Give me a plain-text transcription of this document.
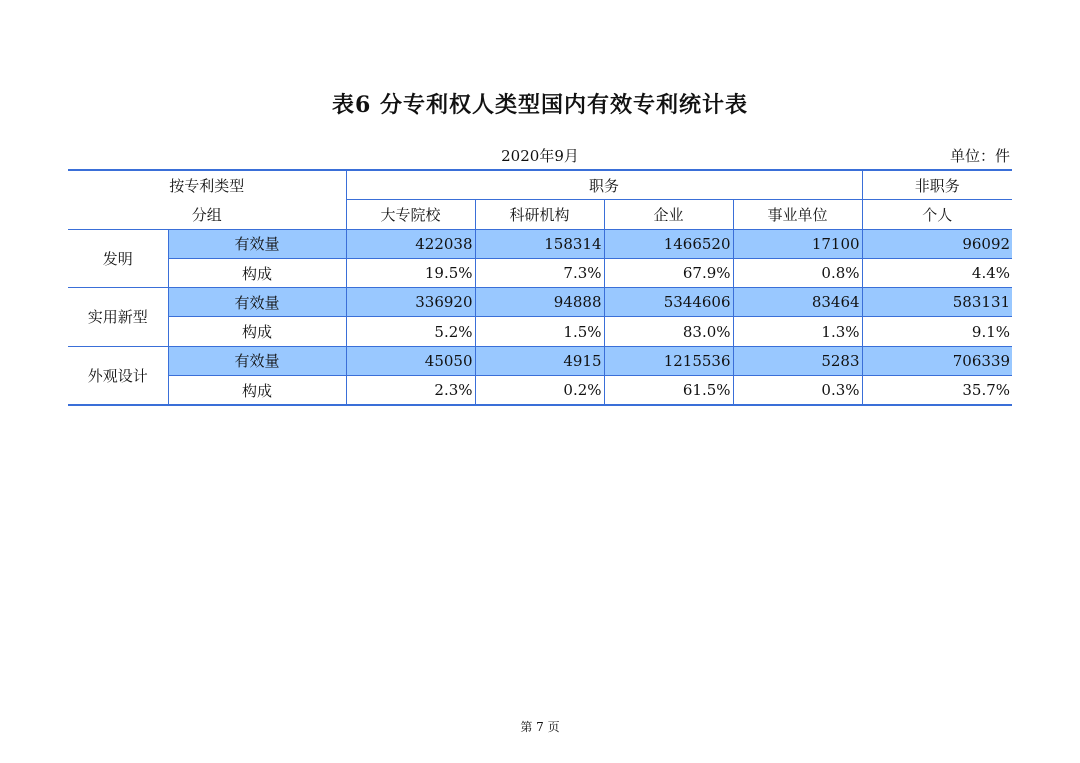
表6 分专利权人类型国内有效专利统计表
2020年9月	单位：件
按专利类型		职务				非职务
分组		大专院校	科研机构	企业	事业单位	个人
发明	有效量	422038	158314	1466520	17100	96092
	构成	19.5%	7.3%	67.9%	0.8%	4.4%
实用新型	有效量	336920	94888	5344606	83464	583131
	构成	5.2%	1.5%	83.0%	1.3%	9.1%
外观设计	有效量	45050	4915	1215536	5283	706339
	构成	2.3%	0.2%	61.5%	0.3%	35.7%
第 7 页
